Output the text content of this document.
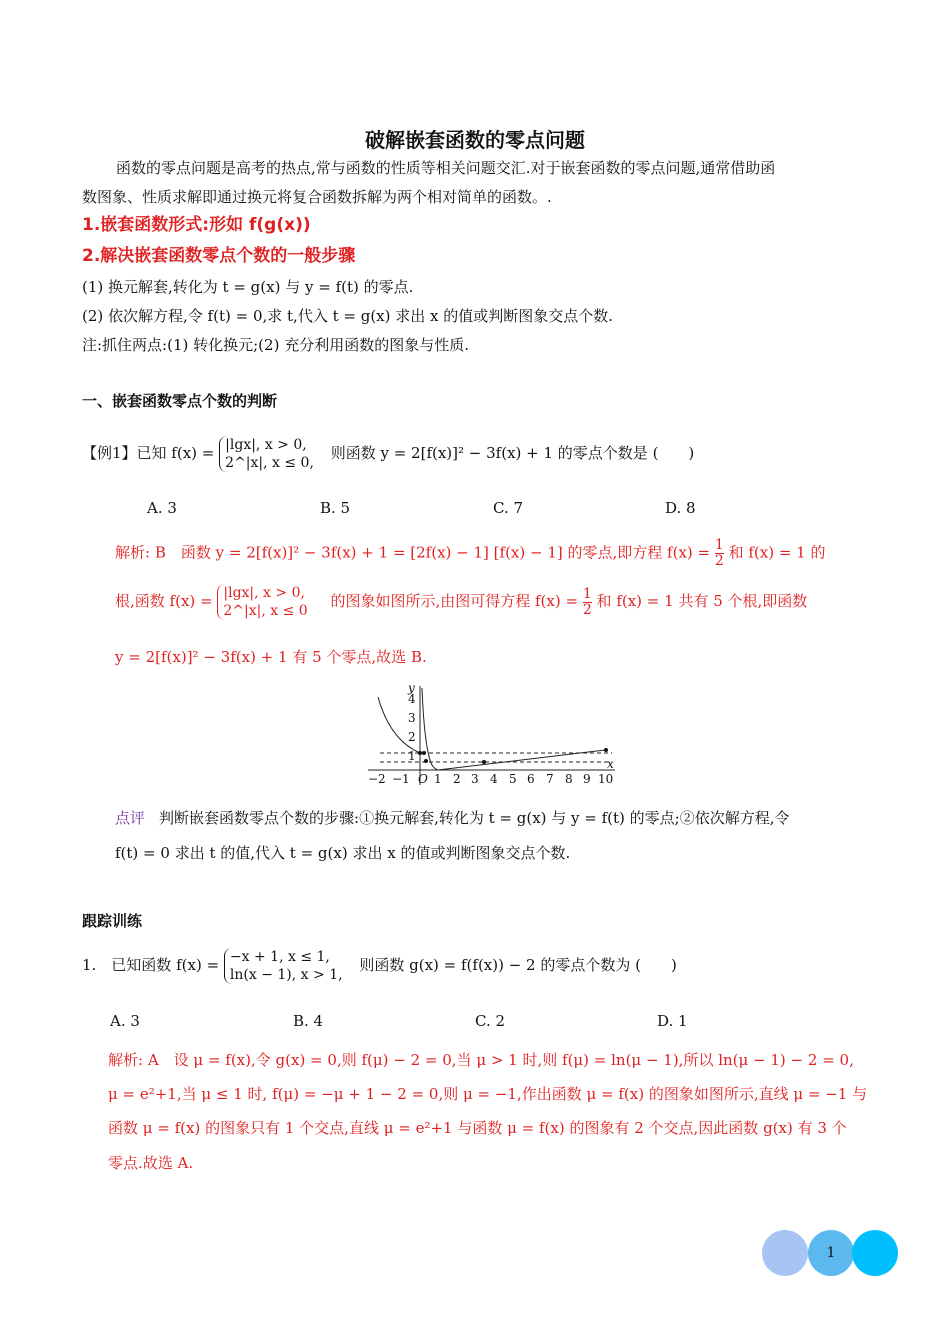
破解嵌套函数的零点问题
函数的零点问题是高考的热点,常与函数的性质等相关问题交汇.对于嵌套函数的零点问题,通常借助函
数图象、性质求解即通过换元将复合函数拆解为两个相对简单的函数。.
1.嵌套函数形式:形如 f(g(x))
2.解决嵌套函数零点个数的一般步骤
(1) 换元解套,转化为 t = g(x) 与 y = f(t) 的零点.
(2) 依次解方程,令 f(t) = 0,求 t,代入 t = g(x) 求出 x 的值或判断图象交点个数.
注:抓住两点:(1) 转化换元;(2) 充分利用函数的图象与性质.
一、嵌套函数零点个数的判断
【例1】已知 f(x) = |lgx|, x > 0,
2^|x|, x ≤ 0, 则函数 y = 2[f(x)]² − 3f(x) + 1 的零点个数是 (　　)
A. 3	B. 5	C. 7	D. 8
解析: B　函数 y = 2[f(x)]² − 3f(x) + 1 = [2f(x) − 1] [f(x) − 1] 的零点,即方程 $f(x) = \frac{1}{2}$ 和 f(x) = 1 的
根,函数 f(x) = |lgx|, x > 0,
2^|x|, x ≤ 0 的图象如图所示,由图可得方程 $f(x) = \frac{1}{2}$ 和 f(x) = 1 共有 5 个根,即函数
y = 2[f(x)]² − 3f(x) + 1 有 5 个零点,故选 B.
y
x
O
1
2
3
4
−2 −1 1 2 3 4 5 6 7 8 10
9
点评 判断嵌套函数零点个数的步骤:①换元解套,转化为 t = g(x) 与 y = f(t) 的零点;②依次解方程,令
f(t) = 0 求出 t 的值,代入 t = g(x) 求出 x 的值或判断图象交点个数.
跟踪训练
1.　已知函数 f(x) = −x + 1, x ≤ 1,
ln(x − 1), x > 1, 则函数 g(x) = f(f(x)) − 2 的零点个数为 (　　)
A. 3	B. 4	C. 2	D. 1
解析: A　设 μ = f(x),令 g(x) = 0,则 f(μ) − 2 = 0,当 μ > 1 时,则 f(μ) = ln(μ − 1),所以 ln(μ − 1) − 2 = 0,
μ = e²+1,当 μ ≤ 1 时, f(μ) = −μ + 1 − 2 = 0,则 μ = −1,作出函数 μ = f(x) 的图象如图所示,直线 μ = −1 与
函数 μ = f(x) 的图象只有 1 个交点,直线 μ = e²+1 与函数 μ = f(x) 的图象有 2 个交点,因此函数 g(x) 有 3 个
零点.故选 A.
1
